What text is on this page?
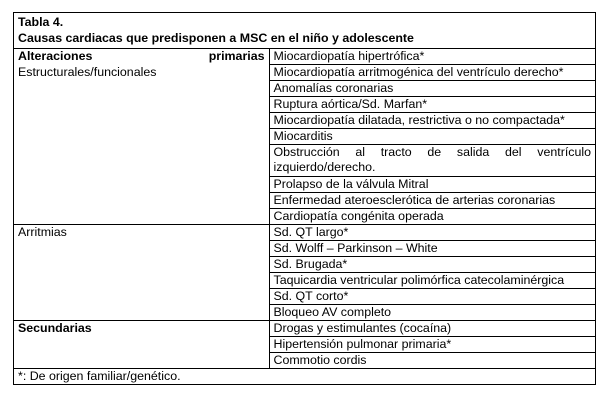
Tabla 4.
Causas cardiacas que predisponen a MSC en el niño y adolescente
Alteraciones primarias	Miocardiopatía hipertrófica*
Estructurales/funcionales	Miocardiopatía arritmogénica del ventrículo derecho*
	Anomalías coronarias
	Ruptura aórtica/Sd. Marfan*
	Miocardiopatía dilatada, restrictiva o no compactada*
	Miocarditis
	Obstrucción al tracto de salida del ventrículo izquierdo/derecho.
	Prolapso de la válvula Mitral
	Enfermedad ateroesclerótica de arterias coronarias
	Cardiopatía congénita operada
Arritmias	Sd. QT largo*
	Sd. Wolff – Parkinson – White
	Sd. Brugada*
	Taquicardia ventricular polimórfica catecolaminérgica
	Sd. QT corto*
	Bloqueo AV completo
Secundarias	Drogas y estimulantes (cocaína)
	Hipertensión pulmonar primaria*
	Commotio cordis
*: De origen familiar/genético.
